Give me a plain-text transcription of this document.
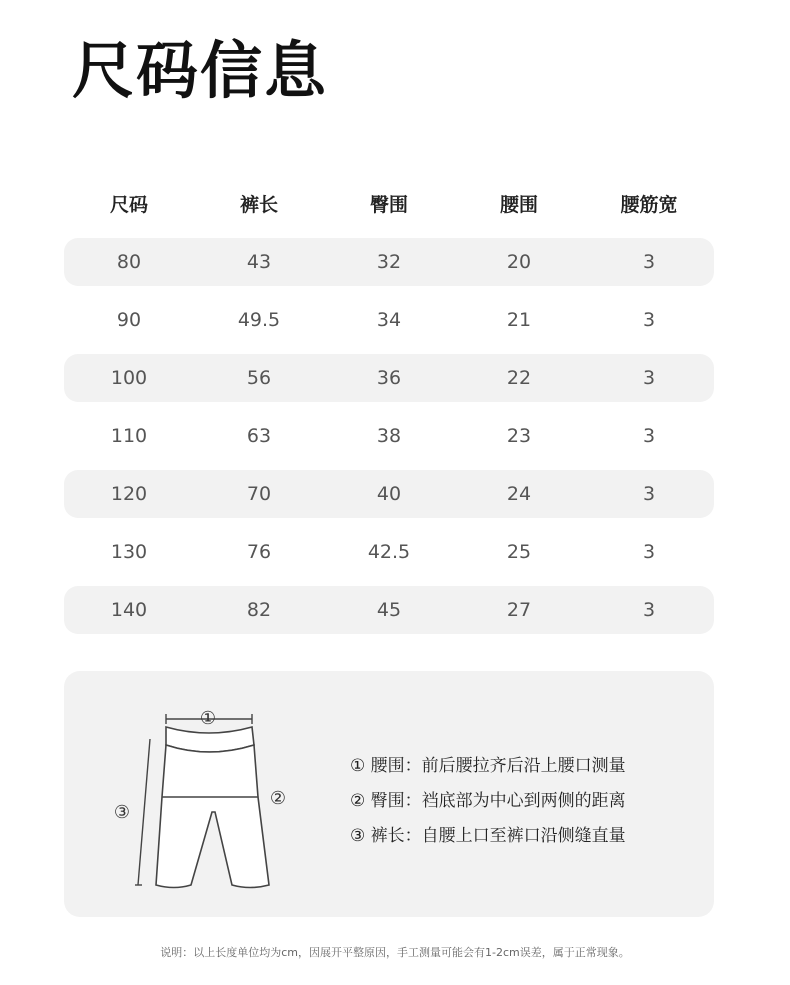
尺码信息
尺码	裤长	臀围	腰围	腰筋宽
80	43	32	20	3
90	49.5	34	21	3
100	56	36	22	3
110	63	38	23	3
120	70	40	24	3
130	76	42.5	25	3
140	82	45	27	3
①
③
②
① 腰围：前后腰拉齐后沿上腰口测量
② 臀围：裆底部为中心到两侧的距离
③ 裤长：自腰上口至裤口沿侧缝直量
说明：以上长度单位均为cm，因展开平整原因，手工测量可能会有1-2cm误差，属于正常现象。
